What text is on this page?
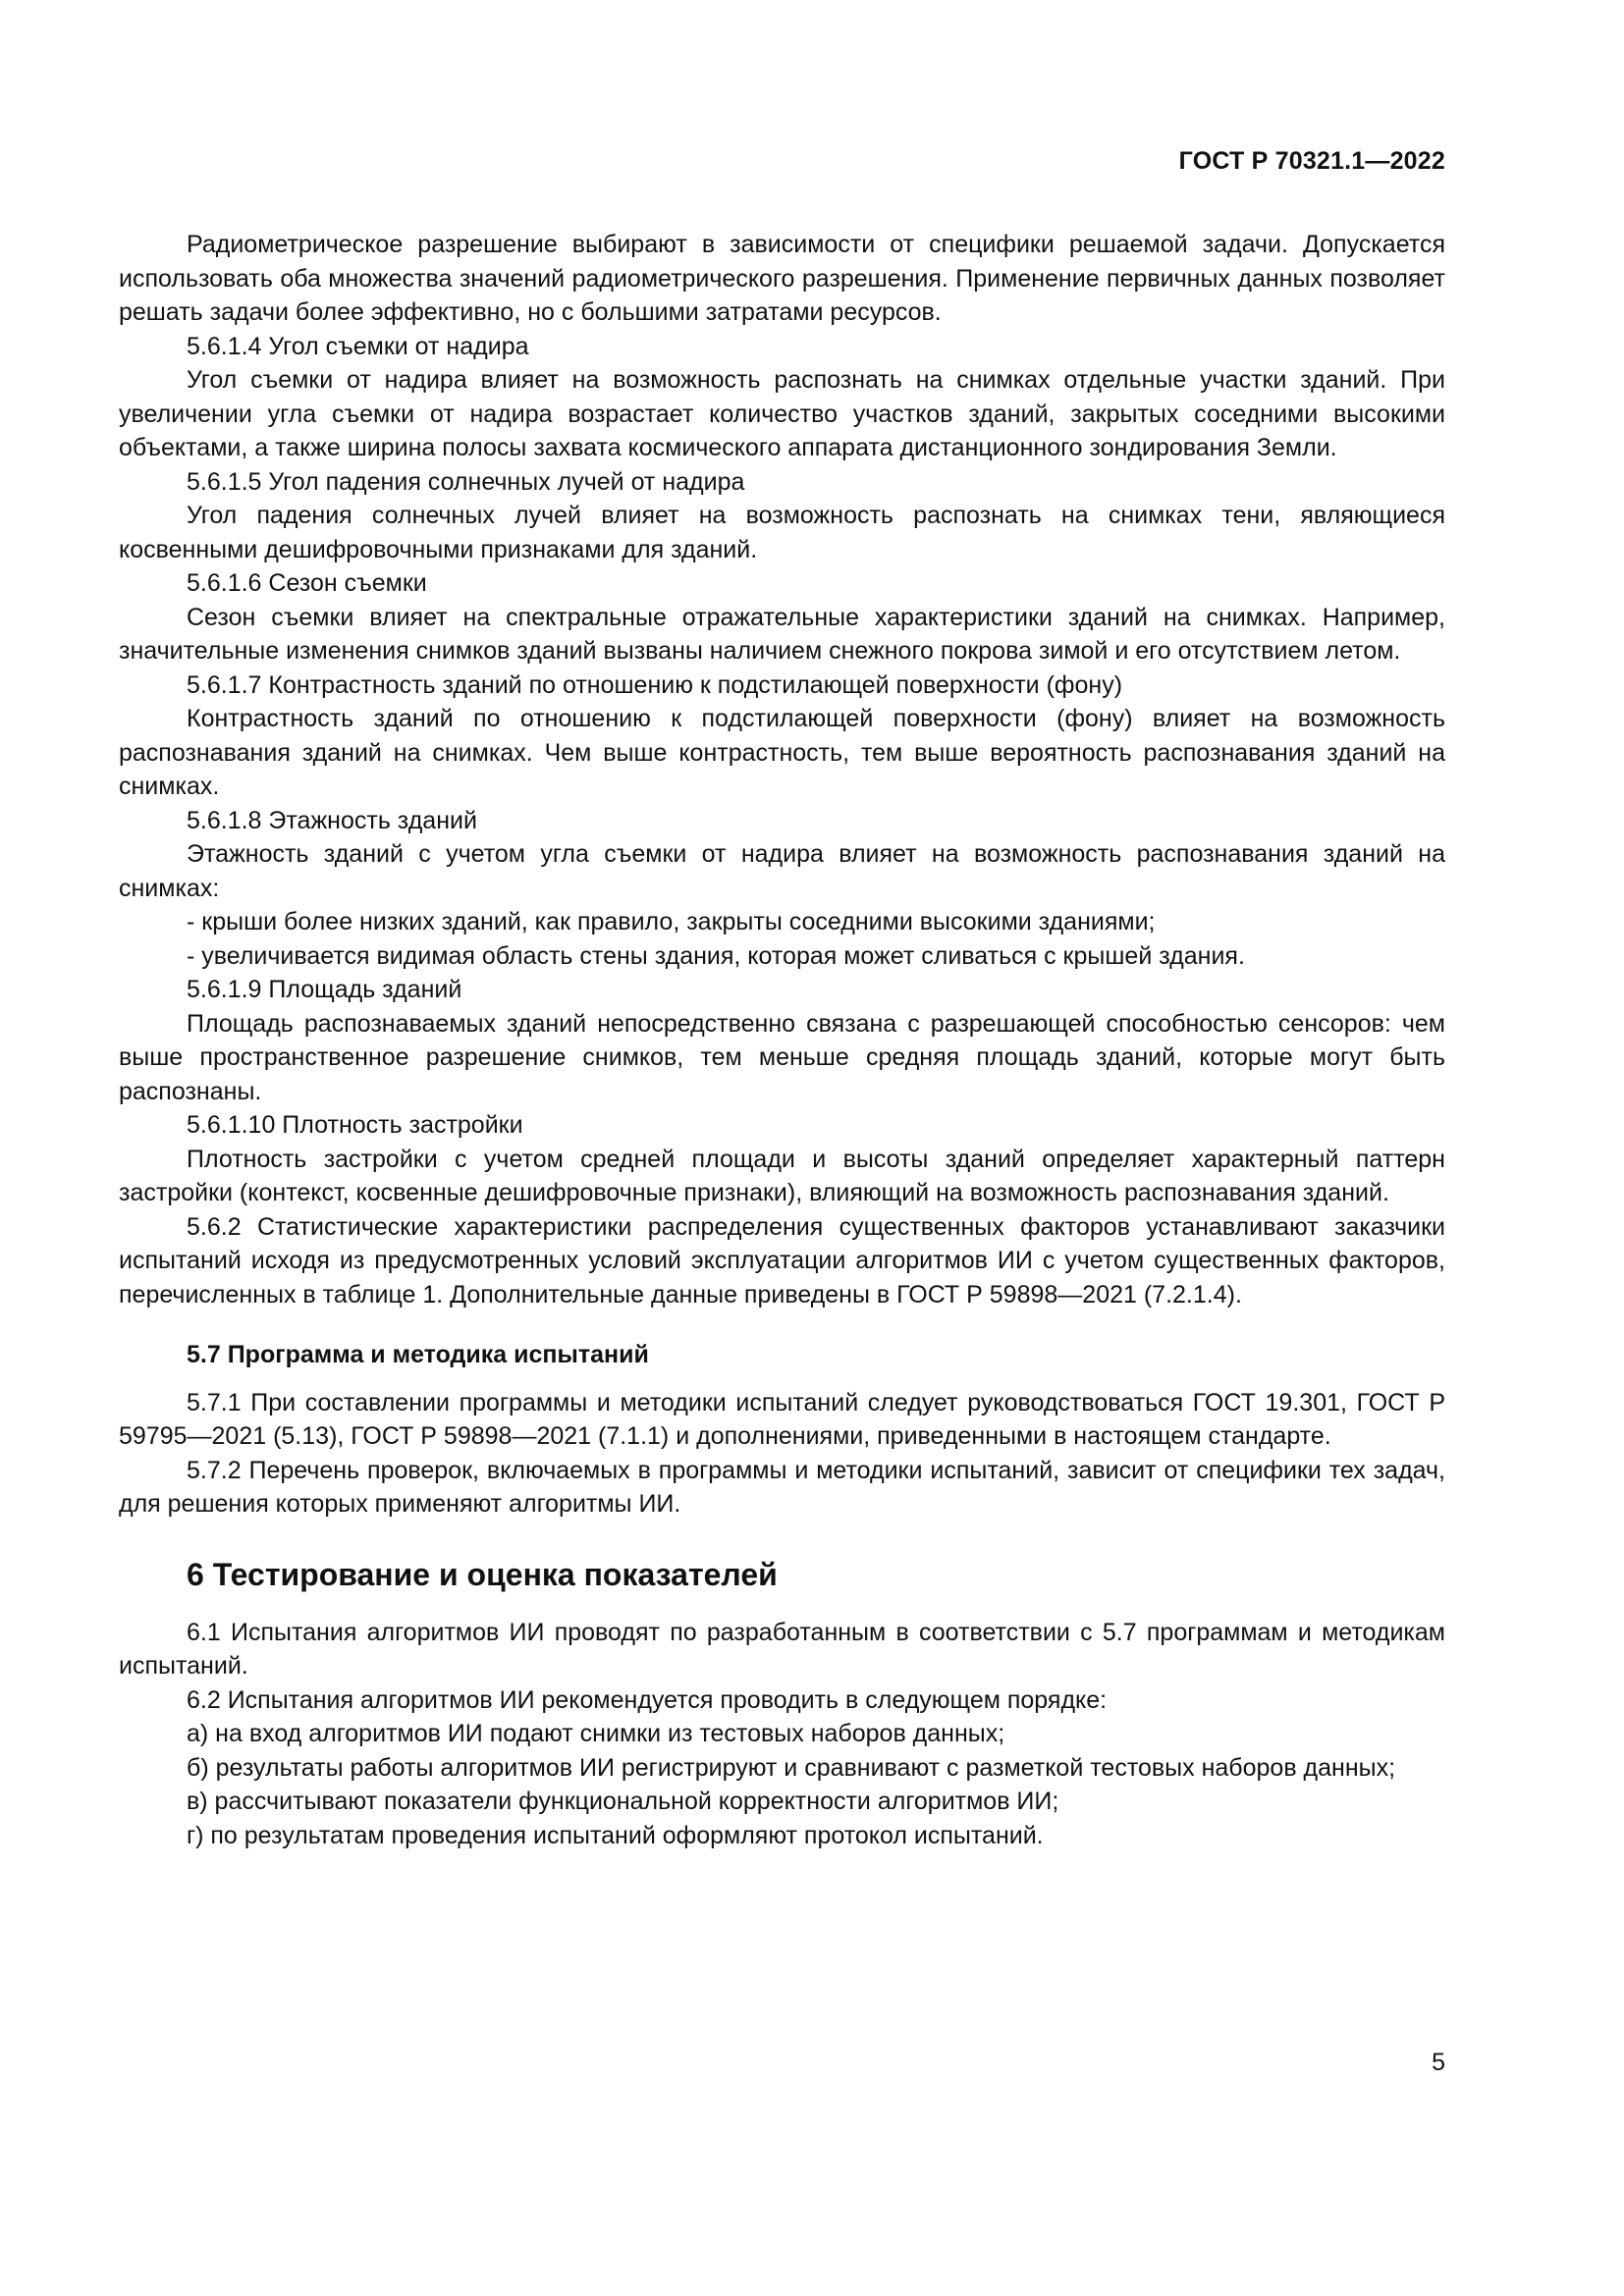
ГОСТ Р 70321.1—2022

Радиометрическое разрешение выбирают в зависимости от специфики решаемой задачи. Допускается использовать оба множества значений радиометрического разрешения. Применение первичных данных позволяет решать задачи более эффективно, но с большими затратами ресурсов.

5.6.1.4 Угол съемки от надира

Угол съемки от надира влияет на возможность распознать на снимках отдельные участки зданий. При увеличении угла съемки от надира возрастает количество участков зданий, закрытых соседними высокими объектами, а также ширина полосы захвата космического аппарата дистанционного зондирования Земли.

5.6.1.5 Угол падения солнечных лучей от надира

Угол падения солнечных лучей влияет на возможность распознать на снимках тени, являющиеся косвенными дешифровочными признаками для зданий.

5.6.1.6 Сезон съемки

Сезон съемки влияет на спектральные отражательные характеристики зданий на снимках. Например, значительные изменения снимков зданий вызваны наличием снежного покрова зимой и его отсутствием летом.

5.6.1.7 Контрастность зданий по отношению к подстилающей поверхности (фону)

Контрастность зданий по отношению к подстилающей поверхности (фону) влияет на возможность распознавания зданий на снимках. Чем выше контрастность, тем выше вероятность распознавания зданий на снимках.

5.6.1.8 Этажность зданий

Этажность зданий с учетом угла съемки от надира влияет на возможность распознавания зданий на снимках:

- крыши более низких зданий, как правило, закрыты соседними высокими зданиями;

- увеличивается видимая область стены здания, которая может сливаться с крышей здания.

5.6.1.9 Площадь зданий

Площадь распознаваемых зданий непосредственно связана с разрешающей способностью сенсоров: чем выше пространственное разрешение снимков, тем меньше средняя площадь зданий, которые могут быть распознаны.

5.6.1.10 Плотность застройки

Плотность застройки с учетом средней площади и высоты зданий определяет характерный паттерн застройки (контекст, косвенные дешифровочные признаки), влияющий на возможность распознавания зданий.

5.6.2 Статистические характеристики распределения существенных факторов устанавливают заказчики испытаний исходя из предусмотренных условий эксплуатации алгоритмов ИИ с учетом существенных факторов, перечисленных в таблице 1. Дополнительные данные приведены в ГОСТ Р 59898—2021 (7.2.1.4).

5.7 Программа и методика испытаний

5.7.1 При составлении программы и методики испытаний следует руководствоваться ГОСТ 19.301, ГОСТ Р 59795—2021 (5.13), ГОСТ Р 59898—2021 (7.1.1) и дополнениями, приведенными в настоящем стандарте.

5.7.2 Перечень проверок, включаемых в программы и методики испытаний, зависит от специфики тех задач, для решения которых применяют алгоритмы ИИ.

6 Тестирование и оценка показателей

6.1 Испытания алгоритмов ИИ проводят по разработанным в соответствии с 5.7 программам и методикам испытаний.

6.2 Испытания алгоритмов ИИ рекомендуется проводить в следующем порядке:

а) на вход алгоритмов ИИ подают снимки из тестовых наборов данных;

б) результаты работы алгоритмов ИИ регистрируют и сравнивают с разметкой тестовых наборов данных;

в) рассчитывают показатели функциональной корректности алгоритмов ИИ;

г) по результатам проведения испытаний оформляют протокол испытаний.

5
